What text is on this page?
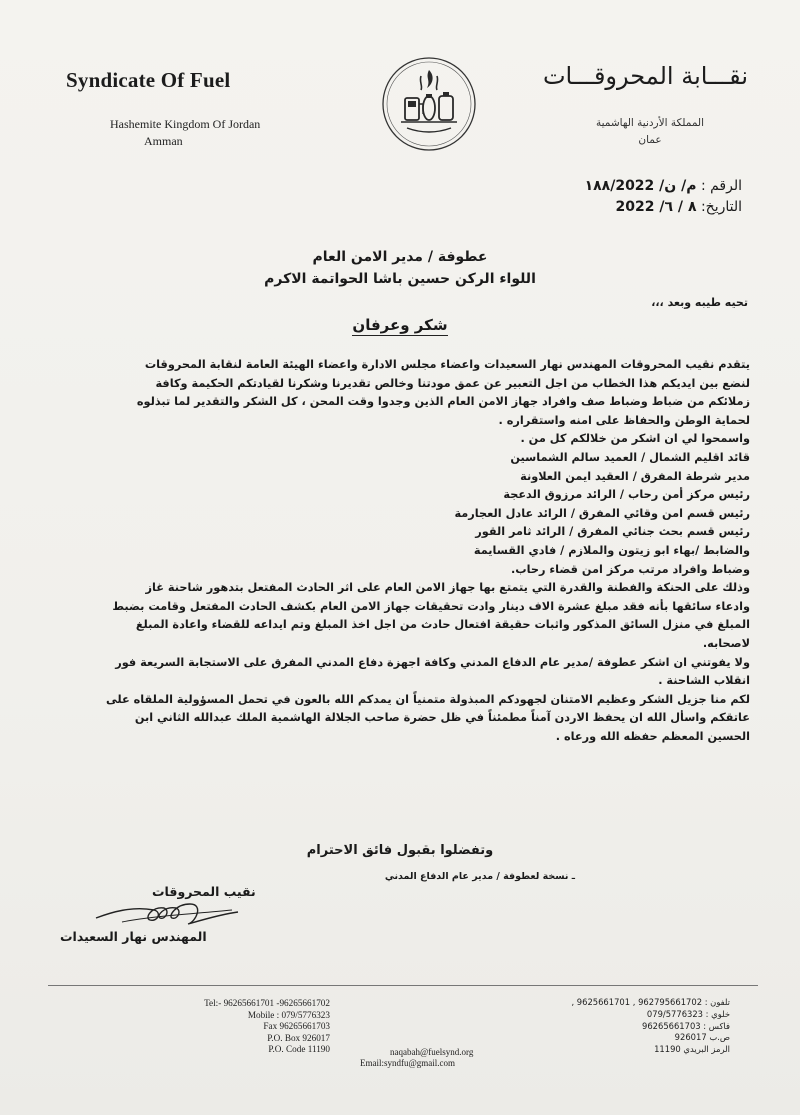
Syndicate Of Fuel
Hashemite Kingdom Of Jordan
Amman
نقـــابة المحروقـــات
المملكة الأردنية الهاشمية
عمان
الرقم : م/ ن/ ١٨٨/2022
التاريخ: ٨ / ٦/ 2022
عطوفة / مدير الامن العام
اللواء الركن حسين باشا الحواتمة الاكرم
تحيه طيبه وبعد ،،،
شكر وعرفان

يتقدم نقيب المحروقات المهندس نهار السعيدات واعضاء مجلس الادارة واعضاء الهيئة العامة لنقابة المحروقات

لنضع بين ايديكم هذا الخطاب من اجل التعبير عن عمق مودتنا وخالص تقديرنا وشكرنا لقيادتكم الحكيمة وكافة

زملائكم من ضباط وضباط صف وافراد جهاز الامن العام الذين وجدوا وقت المحن ، كل الشكر والتقدير لما تبذلوه

لحماية الوطن والحفاظ على امنه واستقراره .

واسمحوا لي ان اشكر من خلالكم كل من .

قائد اقليم الشمال / العميد سالم الشماسين

مدير شرطة المفرق / العقيد ايمن العلاونة

رئيس مركز أمن رحاب / الرائد مرزوق الدعجة

رئيس قسم امن وقائي المفرق / الرائد عادل العجارمة

رئيس قسم بحث جنائي المفرق / الرائد ثامر القور

والضابط /بهاء ابو زيتون والملازم / فادي القسايمة

وضباط وافراد مرتب مركز امن قضاء رحاب.

وذلك على الحنكة والفطنة والقدرة التي يتمتع بها جهاز الامن العام على اثر الحادث المفتعل بتدهور شاحنة غاز

وادعاء سائقها بأنه فقد مبلغ عشرة الاف دينار وادت تحقيقات جهاز الامن العام بكشف الحادث المفتعل وقامت بضبط

المبلغ في منزل السائق المذكور واثبات حقيقة افتعال حادث من اجل اخذ المبلغ وتم ايداعه للقضاء واعادة المبلغ

لاصحابه.

ولا يفوتني ان اشكر عطوفة /مدير عام الدفاع المدني وكافة اجهزة دفاع المدني المفرق على الاستجابة السريعة فور

انقلاب الشاحنة .

لكم منا جزيل الشكر وعظيم الامتنان لجهودكم المبذولة متمنياً ان يمدكم الله بالعون في تحمل المسؤولية الملقاه على

عاتقكم واسأل الله ان يحفظ الاردن آمناً مطمئناً في ظل حضرة صاحب الجلالة الهاشمية الملك عبدالله الثاني ابن

الحسين المعظم حفظه الله ورعاه .

وتفضلوا بقبول فائق الاحترام
ـ نسخة لعطوفة / مدير عام الدفاع المدني
نقيب المحروقات
المهندس نهار السعيدات
Tel:- 96265661701 -96265661702
Mobile : 079/5776323
Fax 96265661703
P.O. Box 926017
P.O. Code 11190	naqabah@fuelsynd.org
Email:syndfu@gmail.com
تلفون : 962795661702 , 9625661701 ,
خلوي : 079/5776323
فاكس : 96265661703
ص.ب 926017
الرمز البريدي 11190
